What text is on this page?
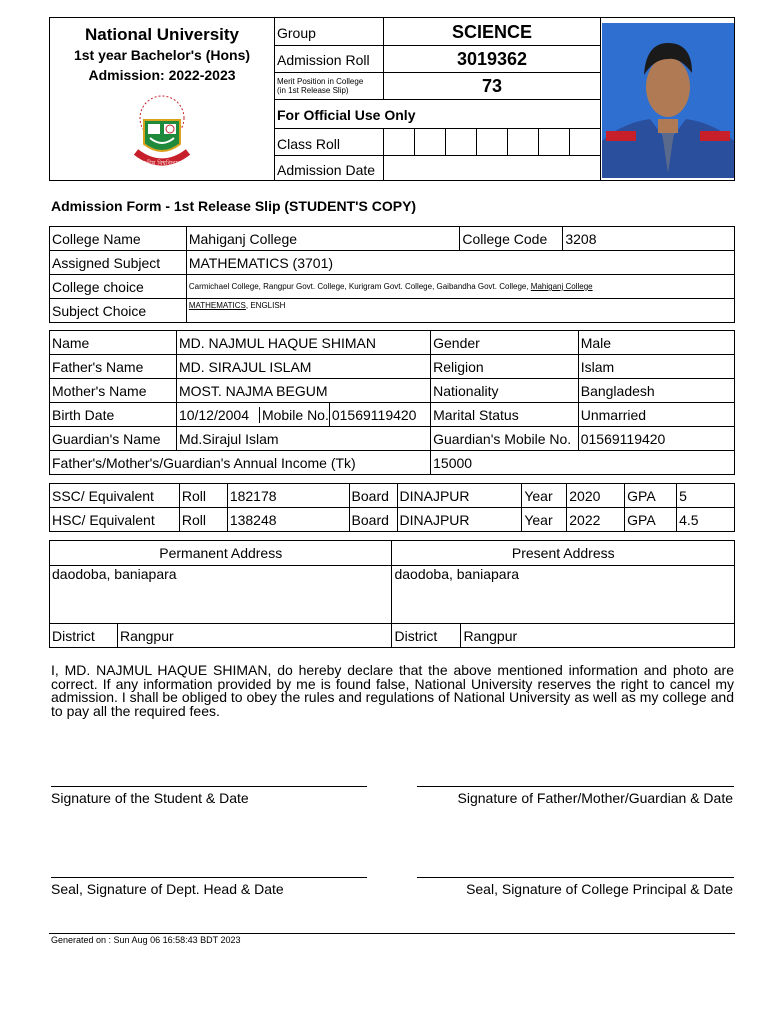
National University
1st year Bachelor's (Hons)
Admission: 2022-2023
জাতীয় বিশ্ববিদ্যালয়
Group	SCIENCE
Admission Roll	3019362
Merit Position in College
(in 1st Release Slip)	73
For Official Use Only
Class Roll
Admission Date
Admission Form - 1st Release Slip (STUDENT'S COPY)
College Name	Mahiganj College	College Code	3208
Assigned Subject	MATHEMATICS (3701)		
College choice	Carmichael College, Rangpur Govt. College, Kurigram Govt. College, Gaibandha Govt. College, Mahiganj College		
Subject Choice	MATHEMATICS, ENGLISH		
Name	MD. NAJMUL HAQUE SHIMAN		Gender	Male
Father's Name	MD. SIRAJUL ISLAM		Religion	Islam
Mother's Name	MOST. NAJMA BEGUM		Nationality	Bangladesh
Birth Date	10/12/2004 Mobile No.	01569119420	Marital Status	Unmarried
Guardian's Name	Md.Sirajul Islam		Guardian's Mobile No.	01569119420
Father's/Mother's/Guardian's Annual Income (Tk)			15000	
SSC/ Equivalent	Roll	182178	Board	DINAJPUR	Year	2020	GPA	5
HSC/ Equivalent	Roll	138248	Board	DINAJPUR	Year	2022	GPA	4.5
Permanent Address		Present Address	
daodoba, baniapara		daodoba, baniapara	
District	Rangpur	District	Rangpur
I, MD. NAJMUL HAQUE SHIMAN, do hereby declare that the above mentioned information and photo are correct. If any information provided by me is found false, National University reserves the right to cancel my admission. I shall be obliged to obey the rules and regulations of National University as well as my college and to pay all the required fees.
Signature of the Student & Date	Signature of Father/Mother/Guardian & Date
Seal, Signature of Dept. Head & Date	Seal, Signature of College Principal & Date
Generated on : Sun Aug 06 16:58:43 BDT 2023
